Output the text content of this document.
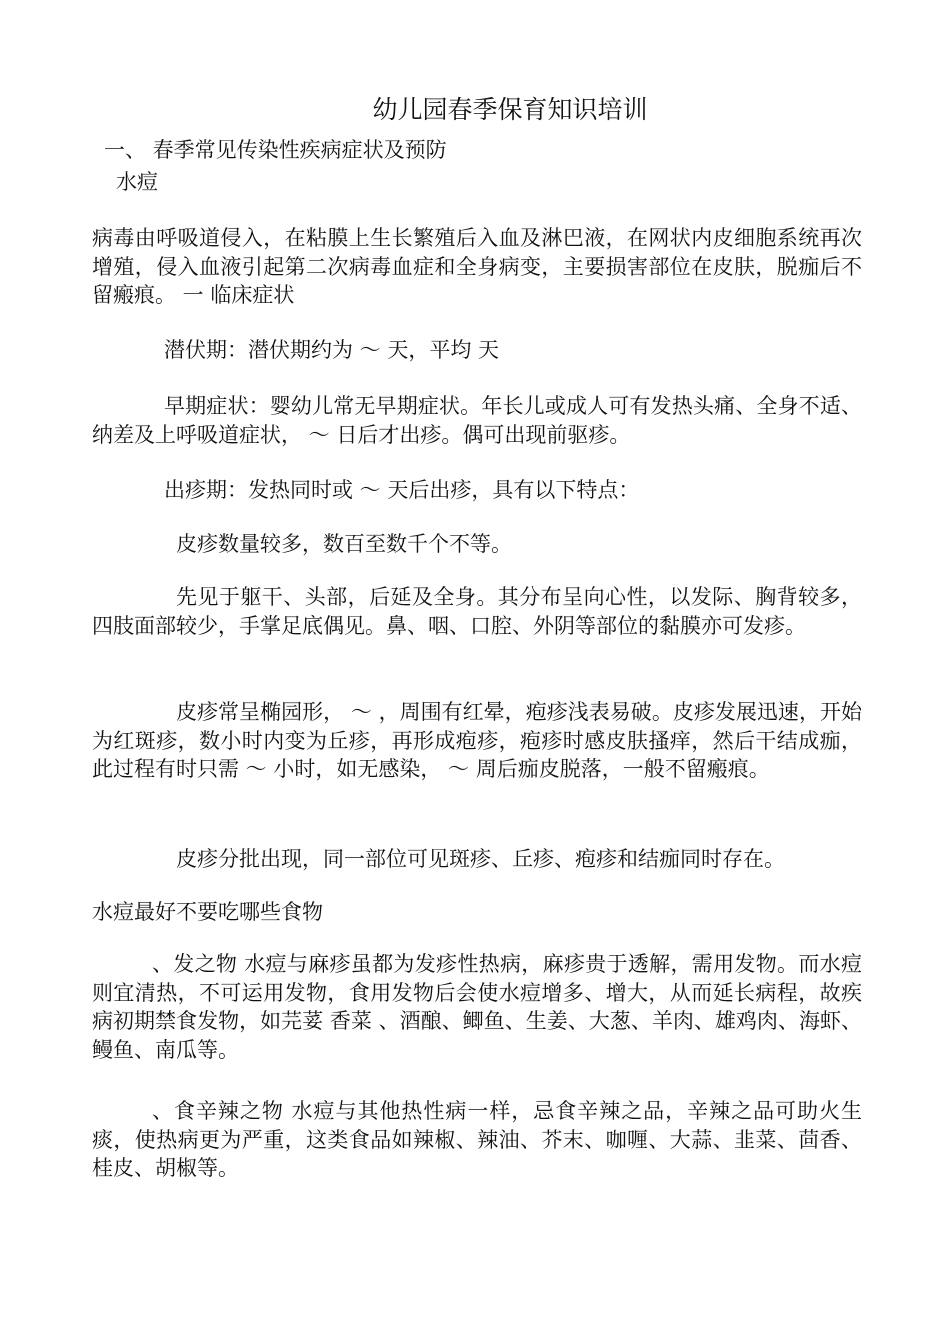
幼儿园春季保育知识培训
一、 春季常见传染性疾病症状及预防
水痘
病毒由呼吸道侵入，在粘膜上生长繁殖后入血及淋巴液，在网状内皮细胞系统再次增殖，侵入血液引起第二次病毒血症和全身病变，主要损害部位在皮肤，脱痂后不留瘢痕。 一 临床症状
潜伏期：潜伏期约为 ～ 天，平均 天
早期症状：婴幼儿常无早期症状。年长儿或成人可有发热头痛、全身不适、纳差及上呼吸道症状， ～ 日后才出疹。偶可出现前驱疹。
出疹期：发热同时或 ～ 天后出疹，具有以下特点：
皮疹数量较多，数百至数千个不等。
先见于躯干、头部，后延及全身。其分布呈向心性，以发际、胸背较多，四肢面部较少，手掌足底偶见。鼻、咽、口腔、外阴等部位的黏膜亦可发疹。
皮疹常呈椭园形， ～ ，周围有红晕，疱疹浅表易破。皮疹发展迅速，开始为红斑疹，数小时内变为丘疹，再形成疱疹，疱疹时感皮肤搔痒，然后干结成痂，此过程有时只需 ～ 小时，如无感染， ～ 周后痂皮脱落，一般不留瘢痕。
皮疹分批出现，同一部位可见斑疹、丘疹、疱疹和结痂同时存在。
水痘最好不要吃哪些食物
、发之物 水痘与麻疹虽都为发疹性热病，麻疹贵于透解，需用发物。而水痘则宜清热，不可运用发物，食用发物后会使水痘增多、增大，从而延长病程，故疾病初期禁食发物，如芫荽 香菜 、酒酿、鲫鱼、生姜、大葱、羊肉、雄鸡肉、海虾、鳗鱼、南瓜等。
、食辛辣之物 水痘与其他热性病一样，忌食辛辣之品，辛辣之品可助火生痰，使热病更为严重，这类食品如辣椒、辣油、芥末、咖喱、大蒜、韭菜、茴香、桂皮、胡椒等。
